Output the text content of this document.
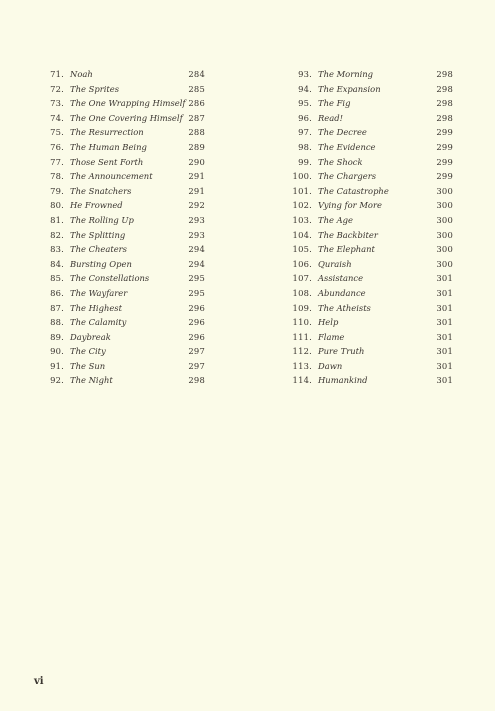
71. Noah	284
72. The Sprites	285
73. The One Wrapping Himself 286
74. The One Covering Himself 287
75. The Resurrection	288
76. The Human Being	289
77. Those Sent Forth	290
78. The Announcement	291
79. The Snatchers	291
80. He Frowned	292
81. The Rolling Up	293
82. The Splitting	293
83. The Cheaters	294
84. Bursting Open	294
85. The Constellations	295
86. The Wayfarer	295
87. The Highest	296
88. The Calamity	296
89. Daybreak	296
90. The City	297
91. The Sun	297
92. The Night	298
93. The Morning	298
94. The Expansion	298
95. The Fig	298
96. Read!	298
97. The Decree	299
98. The Evidence	299
99. The Shock	299
100. The Chargers	299
101. The Catastrophe	300
102. Vying for More	300
103. The Age	300
104. The Backbiter	300
105. The Elephant	300
106. Quraish	300
107. Assistance	301
108. Abundance	301
109. The Atheists	301
110. Help	301
111. Flame	301
112. Pure Truth	301
113. Dawn	301
114. Humankind	301
vi
